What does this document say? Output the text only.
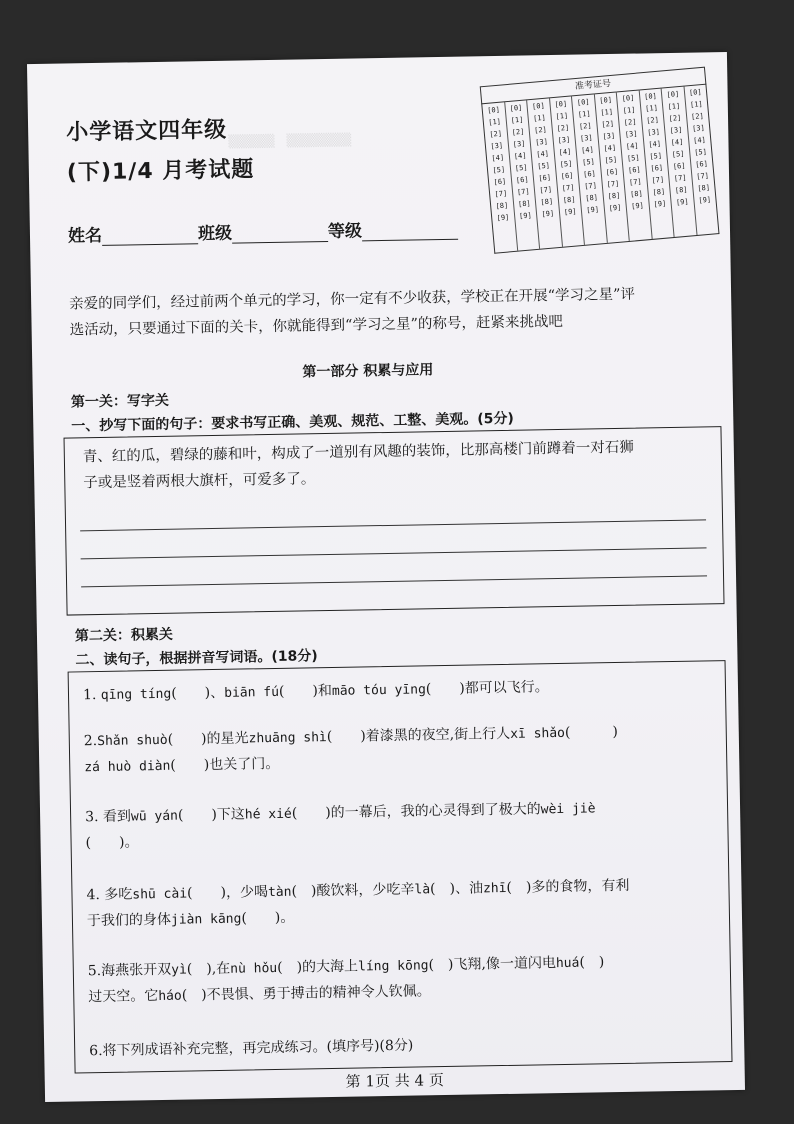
小学语文四年级
(下)1/4 月考试题
姓名	班级	等级
准考证号
[0]
[1]
[2]
[3]
[4]
[5]
[6]
[7]
[8]
[9]
[0]
[1]
[2]
[3]
[4]
[5]
[6]
[7]
[8]
[9]
[0]
[1]
[2]
[3]
[4]
[5]
[6]
[7]
[8]
[9]
[0]
[1]
[2]
[3]
[4]
[5]
[6]
[7]
[8]
[9]
[0]
[1]
[2]
[3]
[4]
[5]
[6]
[7]
[8]
[9]
[0]
[1]
[2]
[3]
[4]
[5]
[6]
[7]
[8]
[9]
[0]
[1]
[2]
[3]
[4]
[5]
[6]
[7]
[8]
[9]
[0]
[1]
[2]
[3]
[4]
[5]
[6]
[7]
[8]
[9]
[0]
[1]
[2]
[3]
[4]
[5]
[6]
[7]
[8]
[9]
[0]
[1]
[2]
[3]
[4]
[5]
[6]
[7]
[8]
[9]
▒▒▒▒▒　▒▒▒▒▒▒▒
亲爱的同学们，经过前两个单元的学习，你一定有不少收获，学校正在开展“学习之星”评
选活动，只要通过下面的关卡，你就能得到“学习之星”的称号，赶紧来挑战吧
第一部分 积累与应用
第一关：写字关
一、抄写下面的句子：要求书写正确、美观、规范、工整、美观。(5分)
青、红的瓜，碧绿的藤和叶，构成了一道别有风趣的装饰，比那高楼门前蹲着一对石狮
子或是竖着两根大旗杆，可爱多了。
第二关：积累关
二、读句子，根据拼音写词语。(18分)
1. qīng tíng(　　)、biān fú(　　)和māo tóu yīng(　　)都可以飞行。
2.Shǎn shuò(　　)的星光zhuāng shì(　　)着漆黑的夜空,街上行人xī shǎo(　　　)
zá huò diàn(　　)也关了门。
3. 看到wū yán(　　)下这hé xié(　　)的一幕后，我的心灵得到了极大的wèi jiè
(　　)。
4. 多吃shū cài(　　)，少喝tàn(　)酸饮料，少吃辛là(　)、油zhī(　)多的食物，有利
于我们的身体jiàn kāng(　　)。
5.海燕张开双yì(　),在nù hǒu(　)的大海上líng kōng(　)飞翔,像一道闪电huá(　)
过天空。它háo(　)不畏惧、勇于搏击的精神令人钦佩。
6.将下列成语补充完整，再完成练习。(填序号)(8分)
第 1页 共 4 页
